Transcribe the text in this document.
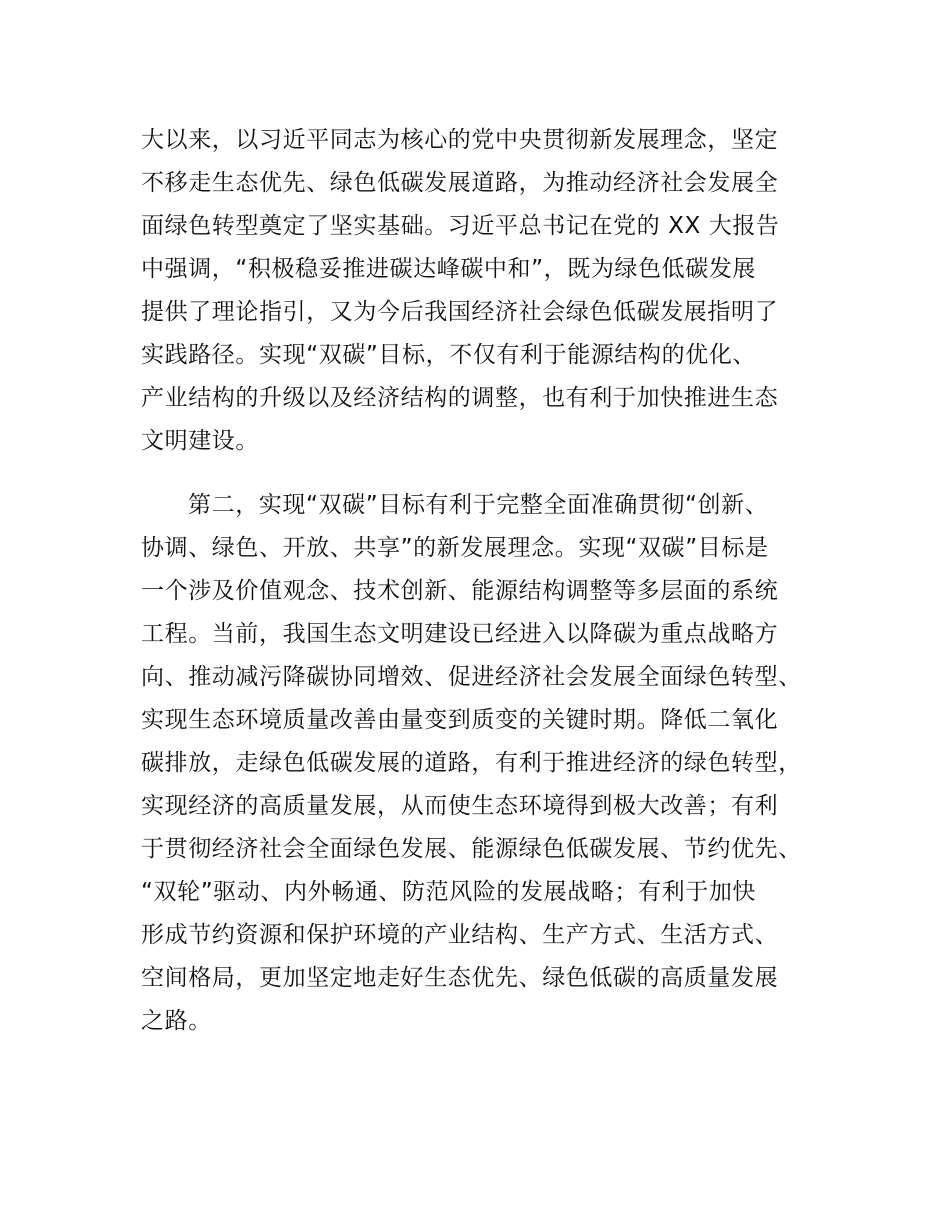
大以来，以习近平同志为核心的党中央贯彻新发展理念，坚定
不移走生态优先、绿色低碳发展道路，为推动经济社会发展全
面绿色转型奠定了坚实基础。习近平总书记在党的 XX 大报告
中强调，“积极稳妥推进碳达峰碳中和”，既为绿色低碳发展
提供了理论指引，又为今后我国经济社会绿色低碳发展指明了
实践路径。实现“双碳”目标，不仅有利于能源结构的优化、
产业结构的升级以及经济结构的调整，也有利于加快推进生态
文明建设。
第二，实现“双碳”目标有利于完整全面准确贯彻“创新、
协调、绿色、开放、共享”的新发展理念。实现“双碳”目标是
一个涉及价值观念、技术创新、能源结构调整等多层面的系统
工程。当前，我国生态文明建设已经进入以降碳为重点战略方
向、推动减污降碳协同增效、促进经济社会发展全面绿色转型、
实现生态环境质量改善由量变到质变的关键时期。降低二氧化
碳排放，走绿色低碳发展的道路，有利于推进经济的绿色转型，
实现经济的高质量发展，从而使生态环境得到极大改善；有利
于贯彻经济社会全面绿色发展、能源绿色低碳发展、节约优先、
“双轮”驱动、内外畅通、防范风险的发展战略；有利于加快
形成节约资源和保护环境的产业结构、生产方式、生活方式、
空间格局，更加坚定地走好生态优先、绿色低碳的高质量发展
之路。
